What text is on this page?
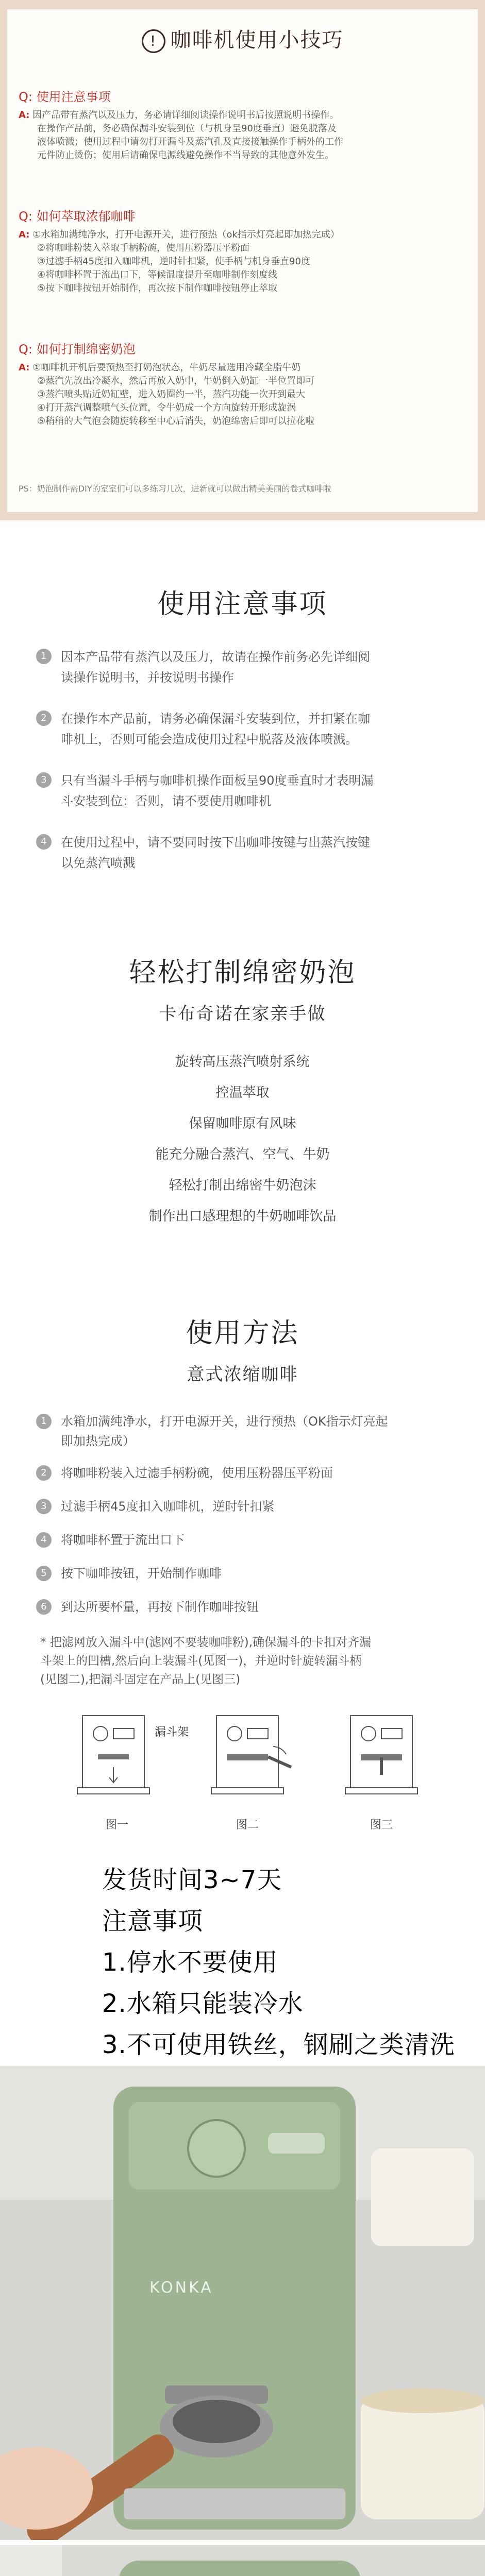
! 咖啡机使用小技巧
Q: 使用注意事项
A: 因产品带有蒸汽以及压力，务必请详细阅读操作说明书后按照说明书操作。
在操作产品前，务必确保漏斗安装到位（与机身呈90度垂直）避免脱落及
液体喷溅；使用过程中请勿打开漏斗及蒸汽孔及直接接触操作手柄外的工作
元件防止烫伤；使用后请确保电源线避免操作不当导致的其他意外发生。
Q: 如何萃取浓郁咖啡
A: ①水箱加满纯净水，打开电源开关，进行预热（ok指示灯亮起即加热完成）
②将咖啡粉装入萃取手柄粉碗，使用压粉器压平粉面
③过滤手柄45度扣入咖啡机，逆时针扣紧，使手柄与机身垂直90度
④将咖啡杯置于流出口下，等候温度提升至咖啡制作刻度线
⑤按下咖啡按钮开始制作，再次按下制作咖啡按钮停止萃取
Q: 如何打制绵密奶泡
A: ①咖啡机开机后要预热至打奶泡状态，牛奶尽量选用冷藏全脂牛奶
②蒸汽先放出冷凝水，然后再放入奶中，牛奶倒入奶缸一半位置即可
③蒸汽喷头贴近奶缸壁，进入奶圈约一半，蒸汽功能一次开到最大
④打开蒸汽调整喷气头位置，令牛奶成一个方向旋转开形成旋涡
⑤稍稍的大气泡会随旋转移至中心后消失，奶泡绵密后即可以拉花啦
PS：奶泡制作需DIY的室室们可以多练习几次，进新就可以做出精美美丽的卷式咖啡啦
使用注意事项
1	因本产品带有蒸汽以及压力，故请在操作前务必先详细阅
读操作说明书，并按说明书操作
2	在操作本产品前，请务必确保漏斗安装到位，并扣紧在咖
啡机上，否则可能会造成使用过程中脱落及液体喷溅。
3	只有当漏斗手柄与咖啡机操作面板呈90度垂直时才表明漏
斗安装到位：否则，请不要使用咖啡机
4	在使用过程中，请不要同时按下出咖啡按键与出蒸汽按键
以免蒸汽喷溅
轻松打制绵密奶泡
卡布奇诺在家亲手做
旋转高压蒸汽喷射系统
控温萃取
保留咖啡原有风味
能充分融合蒸汽、空气、牛奶
轻松打制出绵密牛奶泡沫
制作出口感理想的牛奶咖啡饮品
使用方法
意式浓缩咖啡
1	水箱加满纯净水，打开电源开关，进行预热（OK指示灯亮起
即加热完成）
2	将咖啡粉装入过滤手柄粉碗，使用压粉器压平粉面
3	过滤手柄45度扣入咖啡机，逆时针扣紧
4	将咖啡杯置于流出口下
5	按下咖啡按钮，开始制作咖啡
6	到达所要杯量，再按下制作咖啡按钮
* 把滤网放入漏斗中(滤网不要装咖啡粉),确保漏斗的卡扣对齐漏
斗架上的凹槽,然后向上装漏斗(见图一)，并逆时针旋转漏斗柄
(见图二),把漏斗固定在产品上(见图三)
漏斗架
图一	图二	图三
发货时间3~7天
注意事项
1.停水不要使用
2.水箱只能装冷水
3.不可使用铁丝，钢刷之类清洗
KONKA
